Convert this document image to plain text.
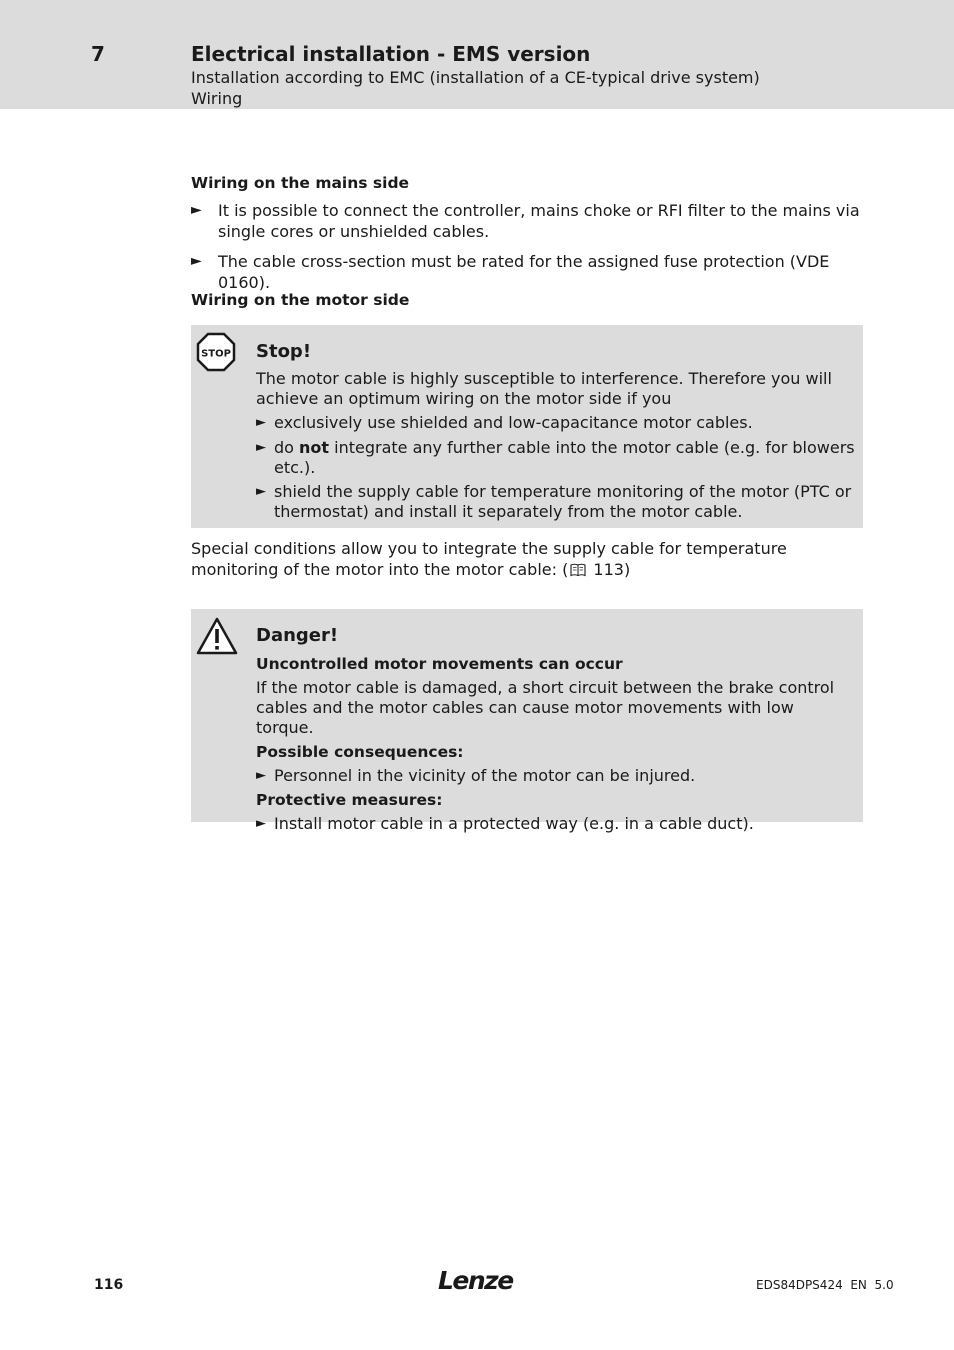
7	Electrical installation - EMS version
Installation according to EMC (installation of a CE-typical drive system)
Wiring
Wiring on the mains side
► It is possible to connect the controller, mains choke or RFI filter to the mains via single cores or unshielded cables.
► The cable cross-section must be rated for the assigned fuse protection (VDE 0160).
Wiring on the motor side
STOP Stop!
The motor cable is highly susceptible to interference. Therefore you will achieve an optimum wiring on the motor side if you
► exclusively use shielded and low-capacitance motor cables.
► do not integrate any further cable into the motor cable (e.g. for blowers etc.).
► shield the supply cable for temperature monitoring of the motor (PTC or thermostat) and install it separately from the motor cable.
Special conditions allow you to integrate the supply cable for temperature monitoring of the motor into the motor cable: ( 113)
Danger!
Uncontrolled motor movements can occur
If the motor cable is damaged, a short circuit between the brake control cables and the motor cables can cause motor movements with low torque.
Possible consequences:
► Personnel in the vicinity of the motor can be injured.
Protective measures:
► Install motor cable in a protected way (e.g. in a cable duct).
116	Lenze	EDS84DPS424  EN  5.0
